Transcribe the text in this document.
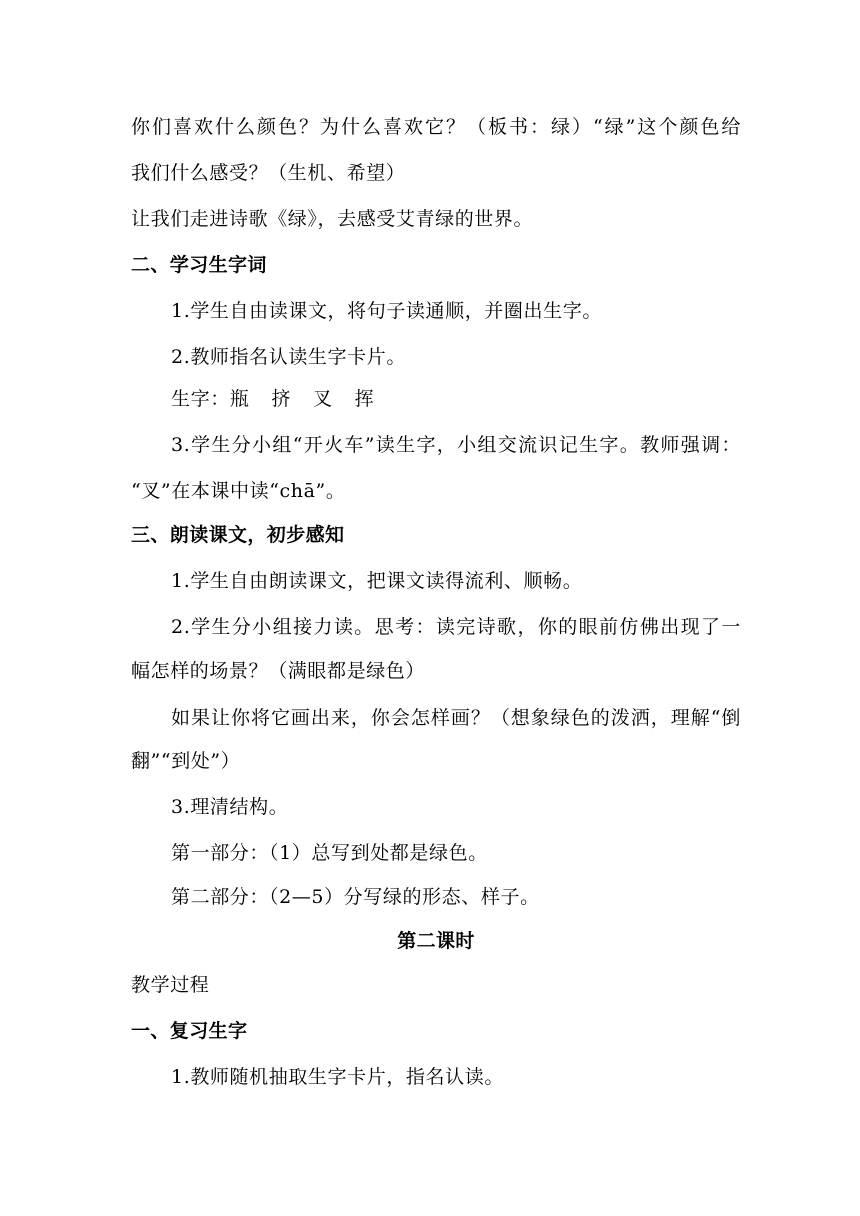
你们喜欢什么颜色？为什么喜欢它？（板书：绿）“绿”这个颜色给
我们什么感受？（生机、希望）
让我们走进诗歌《绿》，去感受艾青绿的世界。
二、学习生字词
1.学生自由读课文，将句子读通顺，并圈出生字。
2.教师指名认读生字卡片。
生字：瓶 挤 叉 挥
3.学生分小组“开火车”读生字，小组交流识记生字。教师强调：
“叉”在本课中读“chā”。
三、朗读课文，初步感知
1.学生自由朗读课文，把课文读得流利、顺畅。
2.学生分小组接力读。思考：读完诗歌，你的眼前仿佛出现了一
幅怎样的场景？（满眼都是绿色）
如果让你将它画出来，你会怎样画？（想象绿色的泼洒，理解“倒
翻”“到处”）
3.理清结构。
第一部分：（1）总写到处都是绿色。
第二部分：（2—5）分写绿的形态、样子。
第二课时
教学过程
一、复习生字
1.教师随机抽取生字卡片，指名认读。
